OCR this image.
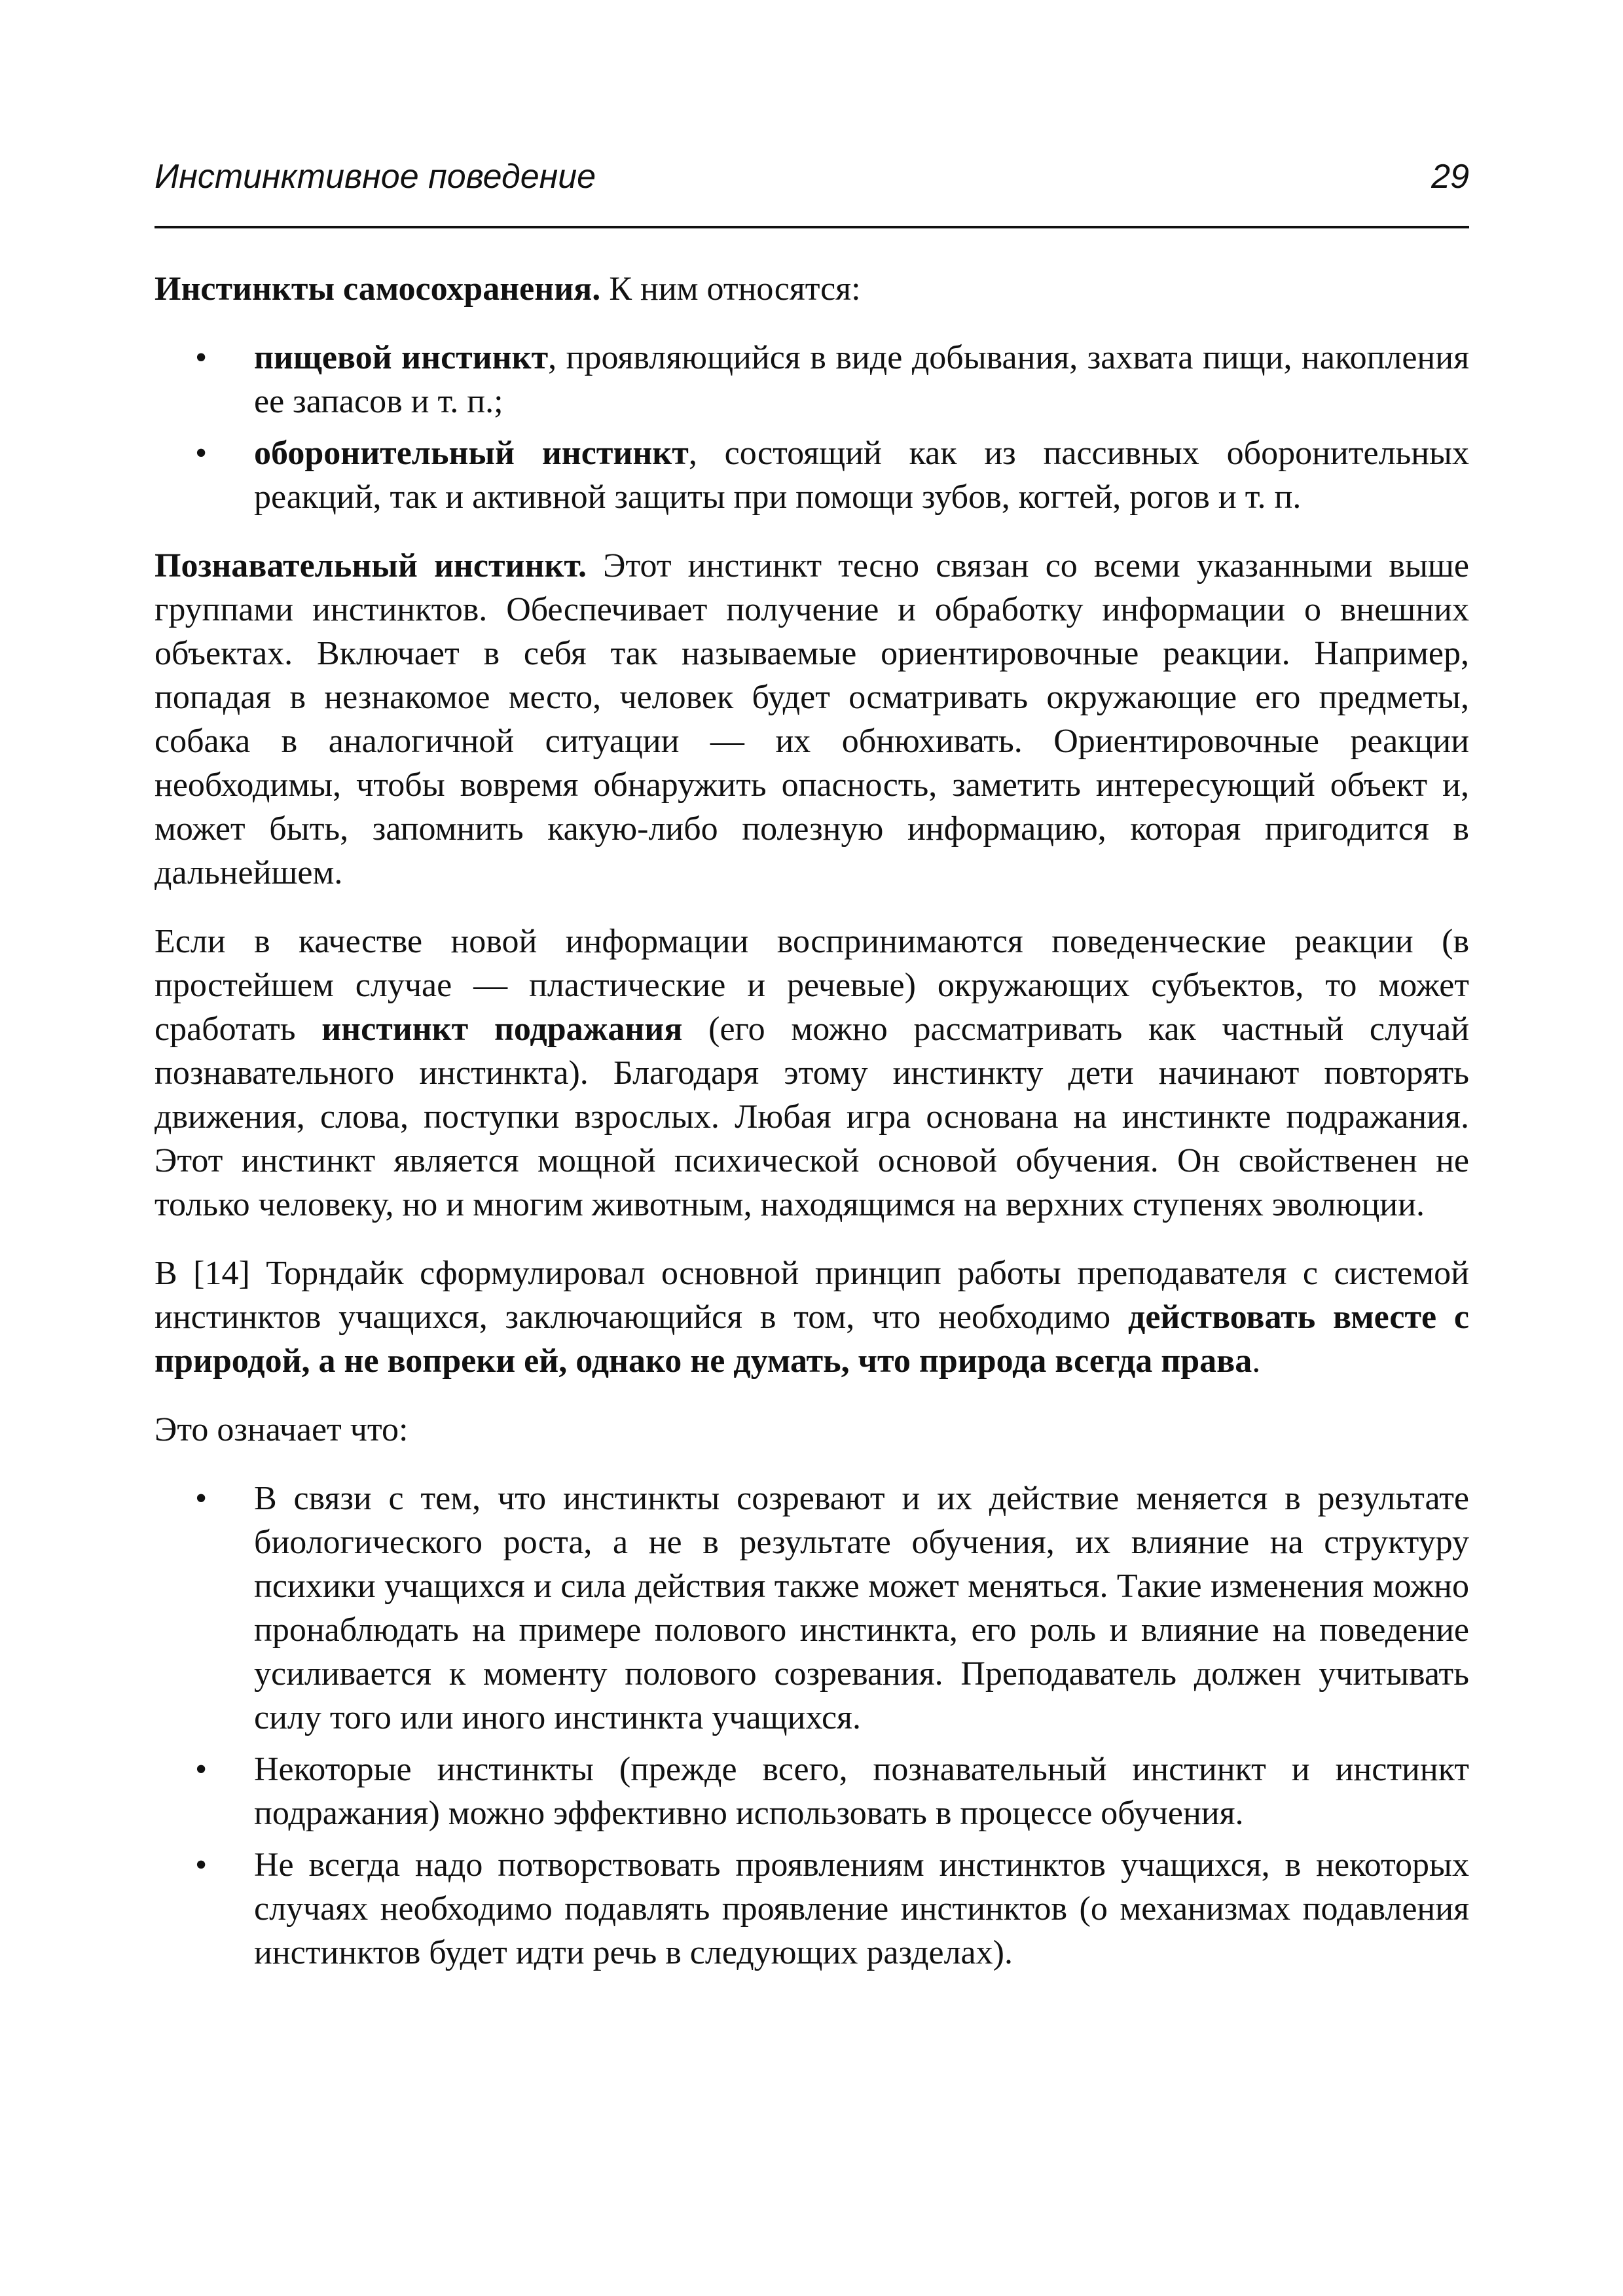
Инстинктивное поведение	29

Инстинкты самосохранения. К ним относятся:

• пищевой инстинкт, проявляющийся в виде добывания, захвата пищи, накопления ее запасов и т. п.;
• оборонительный инстинкт, состоящий как из пассивных оборонительных реакций, так и активной защиты при помощи зубов, когтей, рогов и т. п.

Познавательный инстинкт. Этот инстинкт тесно связан со всеми указанными выше группами инстинктов. Обеспечивает получение и обработку информации о внешних объектах. Включает в себя так называемые ориентировочные реакции. Например, попадая в незнакомое место, человек будет осматривать окружающие его предметы, собака в аналогичной ситуации — их обнюхивать. Ориентировочные реакции необходимы, чтобы вовремя обнаружить опасность, заметить интересующий объект и, может быть, запомнить какую-либо полезную информацию, которая пригодится в дальнейшем.

Если в качестве новой информации воспринимаются поведенческие реакции (в простейшем случае — пластические и речевые) окружающих субъектов, то может сработать инстинкт подражания (его можно рассматривать как частный случай познавательного инстинкта). Благодаря этому инстинкту дети начинают повторять движения, слова, поступки взрослых. Любая игра основана на инстинкте подражания. Этот инстинкт является мощной психической основой обучения. Он свойственен не только человеку, но и многим животным, находящимся на верхних ступенях эволюции.

В [14] Торндайк сформулировал основной принцип работы преподавателя с системой инстинктов учащихся, заключающийся в том, что необходимо действовать вместе с природой, а не вопреки ей, однако не думать, что природа всегда права.

Это означает что:

• В связи с тем, что инстинкты созревают и их действие меняется в результате биологического роста, а не в результате обучения, их влияние на структуру психики учащихся и сила действия также может меняться. Такие изменения можно пронаблюдать на примере полового инстинкта, его роль и влияние на поведение усиливается к моменту полового созревания. Преподаватель должен учитывать силу того или иного инстинкта учащихся.
• Некоторые инстинкты (прежде всего, познавательный инстинкт и инстинкт подражания) можно эффективно использовать в процессе обучения.
• Не всегда надо потворствовать проявлениям инстинктов учащихся, в некоторых случаях необходимо подавлять проявление инстинктов (о механизмах подавления инстинктов будет идти речь в следующих разделах).
